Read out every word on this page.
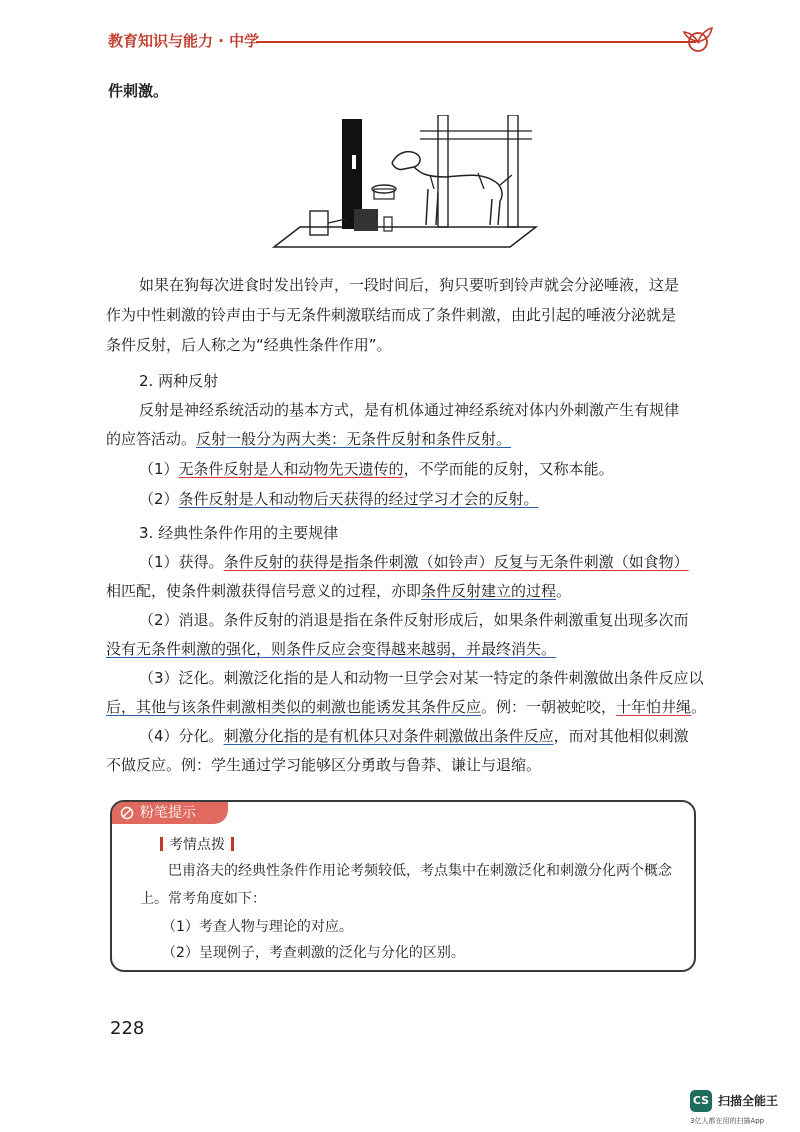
教育知识与能力 · 中学
件刺激。
如果在狗每次进食时发出铃声，一段时间后，狗只要听到铃声就会分泌唾液，这是
作为中性刺激的铃声由于与无条件刺激联结而成了条件刺激，由此引起的唾液分泌就是
条件反射，后人称之为“经典性条件作用”。
2. 两种反射
反射是神经系统活动的基本方式，是有机体通过神经系统对体内外刺激产生有规律
的应答活动。反射一般分为两大类：无条件反射和条件反射。
（1）无条件反射是人和动物先天遗传的，不学而能的反射，又称本能。
（2）条件反射是人和动物后天获得的经过学习才会的反射。
3. 经典性条件作用的主要规律
（1）获得。条件反射的获得是指条件刺激（如铃声）反复与无条件刺激（如食物）
相匹配，使条件刺激获得信号意义的过程，亦即条件反射建立的过程。
（2）消退。条件反射的消退是指在条件反射形成后，如果条件刺激重复出现多次而
没有无条件刺激的强化，则条件反应会变得越来越弱，并最终消失。
（3）泛化。刺激泛化指的是人和动物一旦学会对某一特定的条件刺激做出条件反应以
后，其他与该条件刺激相类似的刺激也能诱发其条件反应。例：一朝被蛇咬，十年怕井绳。
（4）分化。刺激分化指的是有机体只对条件刺激做出条件反应，而对其他相似刺激
不做反应。例：学生通过学习能够区分勇敢与鲁莽、谦让与退缩。
粉笔提示
考情点拨
巴甫洛夫的经典性条件作用论考频较低，考点集中在刺激泛化和刺激分化两个概念
上。常考角度如下：
（1）考查人物与理论的对应。
（2）呈现例子，考查刺激的泛化与分化的区别。
228
CS 扫描全能王
3亿人都在用的扫描App
